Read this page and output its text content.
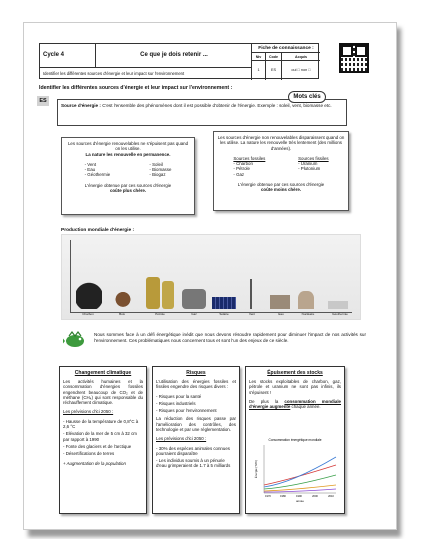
Cycle 4	Ce que je dois retenir ...
Identifier les différentes sources d'énergie et leur impact sur l'environnement
Fiche de connaissance :
Niv	Code	Acquis
1	ES	oui □ non □
Identifier les différentes sources d'énergie et leur impact sur l'environnement :
ES
Source d'énergie : C'est l'ensemble des phénomènes dont il est possible d'obtenir de l'énergie. Exemple : soleil, vent, biomasse etc.
Mots clés
Les sources d'énergie renouvelables ne s'épuisent pas quand on les utilise.
La nature les renouvelle en permanence.
- Vent
- Eau
- Géothermie
- Soleil
- Biomasse
- Biogaz
L'énergie obtenue par ces sources d'énergie
coûte plus chère.
Les sources d'énergie non renouvelables disparaissent quand on les utilise. La nature les renouvelle très lentement (des millions d'années).
Sources fossiles
- Charbon
- Pétrole
- Gaz
Sources fissiles
- Uranium
- Plutonium
L'énergie obtenue par ces sources d'énergie
coûte moins chère.
Production mondiale d'énergie :
Charbon	Bois	Pétrole	Gaz	Solaire	Vent	Eau	Nucléaire	Géothermie
Nous sommes face à un défi énergétique inédit que nous devons résoudre rapidement pour diminuer l'impact de nos activités sur l'environnement. Ces problématiques nous concernent tous et sont l'un des enjeux de ce siècle.
Changement climatique

Les activités humaines et la consommation d'énergies fossiles engendrent beaucoup de CO₂ et de méthane (CH₄) qui sont responsable du réchauffement climatique.

Les prévisions d'ici 2050 :

- Hausse de la température de 0,8°C à 2,6 °C
- Elévation de la mer de 5 cm à 32 cm par rapport à 1990
- Fonte des glaciers et de l'arctique
- Désertifications de terres

+ Augmentation de la population

Risques

L'utilisation des énergies fossiles et fissiles engendre des risques divers :

- Risques pour la santé
- Risques industriels
- Risques pour l'environnement

La réduction des risques passe par l'amélioration des contrôles, des technologie et par une réglementation.

Les prévisions d'ici 2050 :

- 30% des espèces animales connues pourraient disparaître
- Les individus soumis à un pénurie d'eau grimperaient de 1.7 à 5 milliards
Épuisement des stocks

Les stocks exploitables de charbon, gaz, pétrole et uranium ne sont pas infinis, ils s'épuisent !

De plus la consommation mondiale d'énergie augmente chaque année.

Consommation énergétique mondiale
Énergie (TWh)
1970	1980	1990	2000	2010
année
